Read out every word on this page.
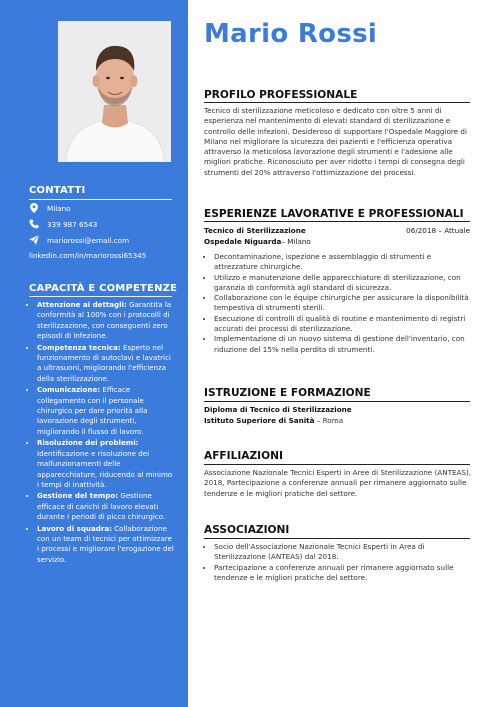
CONTATTI
Milano
339 987 6543
mariorossi@email.com
linkedin.com/in/mariorossi65345
CAPACITÀ E COMPETENZE
• Attenzione ai dettagli: Garantita la conformità al 100% con i protocolli di sterilizzazione, con conseguenti zero episodi di infezione.
• Competenza tecnica: Esperto nel funzionamento di autoclavi e lavatrici a ultrasuoni, migliorando l'efficienza della sterilizzazione.
• Comunicazione: Efficace collegamento con il personale chirurgico per dare priorità alla lavorazione degli strumenti, migliorando il flusso di lavoro.
• Risoluzione dei problemi: Identificazione e risoluzione dei malfunzionamenti delle apparecchiature, riducendo al minimo i tempi di inattività.
• Gestione del tempo: Gestione efficace di carichi di lavoro elevati durante i periodi di picco chirurgico.
• Lavoro di squadra: Collaborazione con un team di tecnici per ottimizzare i processi e migliorare l'erogazione del servizio.
Mario Rossi
PROFILO PROFESSIONALE
Tecnico di sterilizzazione meticoloso e dedicato con oltre 5 anni di esperienza nel mantenimento di elevati standard di sterilizzazione e controllo delle infezioni. Desideroso di supportare l'Ospedale Maggiore di Milano nel migliorare la sicurezza dei pazienti e l'efficienza operativa attraverso la meticolosa lavorazione degli strumenti e l'adesione alle migliori pratiche. Riconosciuto per aver ridotto i tempi di consegna degli strumenti del 20% attraverso l'ottimizzazione dei processi.
ESPERIENZE LAVORATIVE E PROFESSIONALI
Tecnico di Sterilizzazione	06/2018 – Attuale
Ospedale Niguarda – Milano
• Decontaminazione, ispezione e assemblaggio di strumenti e attrezzature chirurgiche.
• Utilizzo e manutenzione delle apparecchiature di sterilizzazione, con garanzia di conformità agli standard di sicurezza.
• Collaborazione con le équipe chirurgiche per assicurare la disponibilità tempestiva di strumenti sterili.
• Esecuzione di controlli di qualità di routine e mantenimento di registri accurati dei processi di sterilizzazione.
• Implementazione di un nuovo sistema di gestione dell'inventario, con riduzione del 15% nella perdita di strumenti.
ISTRUZIONE E FORMAZIONE
Diploma di Tecnico di Sterilizzazione
Istituto Superiore di Sanità – Roma
AFFILIAZIONI
Associazione Nazionale Tecnici Esperti in Aree di Sterilizzazione (ANTEAS), 2018, Partecipazione a conferenze annuali per rimanere aggiornato sulle tendenze e le migliori pratiche del settore.
ASSOCIAZIONI
• Socio dell'Associazione Nazionale Tecnici Esperti in Area di Sterilizzazione (ANTEAS) dal 2018.
• Partecipazione a conferenze annuali per rimanere aggiornato sulle tendenze e le migliori pratiche del settore.
